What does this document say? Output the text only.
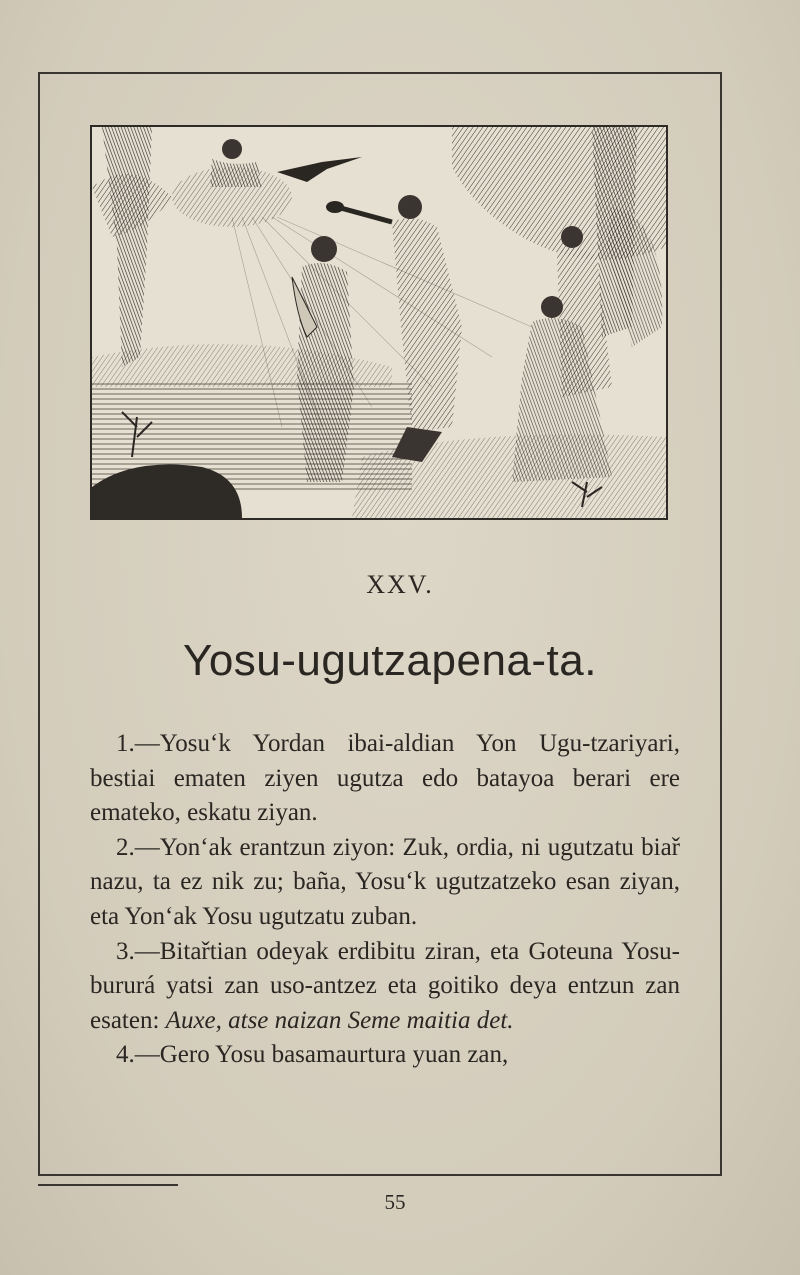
XXV.
Yosu-ugutzapena-ta.

1.—Yosu‘k Yordan ibai-aldian Yon Ugu-tzariyari, bestiai ematen ziyen ugutza edo batayoa berari ere emateko, eskatu ziyan.

2.—Yon‘ak erantzun ziyon: Zuk, ordia, ni ugutzatu biař nazu, ta ez nik zu; baña, Yosu‘k ugutzatzeko esan ziyan, eta Yon‘ak Yosu ugutzatu zuban.

3.—Bitařtian odeyak erdibitu ziran, eta Goteuna Yosu-bururá yatsi zan uso-antzez eta goitiko deya entzun zan esaten: Auxe, atse naizan Seme maitia det.

4.—Gero Yosu basamaurtura yuan zan,

55
